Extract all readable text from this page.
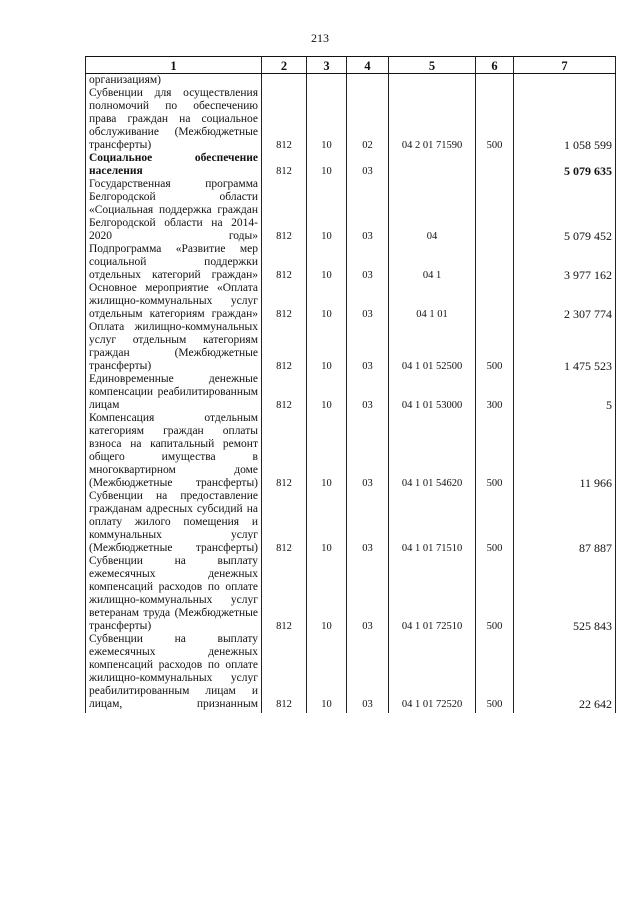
213
1	2	3	4	5	6	7
организациям)						
Субвенции для осуществления полномочий по обеспечению права граждан на социальное обслуживание (Межбюджетные трансферты)	812	10	02	04 2 01 71590	500	1 058 599
Социальное обеспечение населения	812	10	03			5 079 635
Государственная программа Белгородской области «Социальная поддержка граждан Белгородской области на 2014-2020 годы»	812	10	03	04		5 079 452
Подпрограмма «Развитие мер социальной поддержки отдельных категорий граждан»	812	10	03	04 1		3 977 162
Основное мероприятие «Оплата жилищно-коммунальных услуг отдельным категориям граждан»	812	10	03	04 1 01		2 307 774
Оплата жилищно-коммунальных услуг отдельным категориям граждан (Межбюджетные трансферты)	812	10	03	04 1 01 52500	500	1 475 523
Единовременные денежные компенсации реабилитированным лицам	812	10	03	04 1 01 53000	300	5
Компенсация отдельным категориям граждан оплаты взноса на капитальный ремонт общего имущества в многоквартирном доме (Межбюджетные трансферты)	812	10	03	04 1 01 54620	500	11 966
Субвенции на предоставление гражданам адресных субсидий на оплату жилого помещения и коммунальных услуг (Межбюджетные трансферты)	812	10	03	04 1 01 71510	500	87 887
Субвенции на выплату ежемесячных денежных компенсаций расходов по оплате жилищно-коммунальных услуг ветеранам труда (Межбюджетные трансферты)	812	10	03	04 1 01 72510	500	525 843
Субвенции на выплату ежемесячных денежных компенсаций расходов по оплате жилищно-коммунальных услуг реабилитированным лицам и лицам, признанным	812	10	03	04 1 01 72520	500	22 642
